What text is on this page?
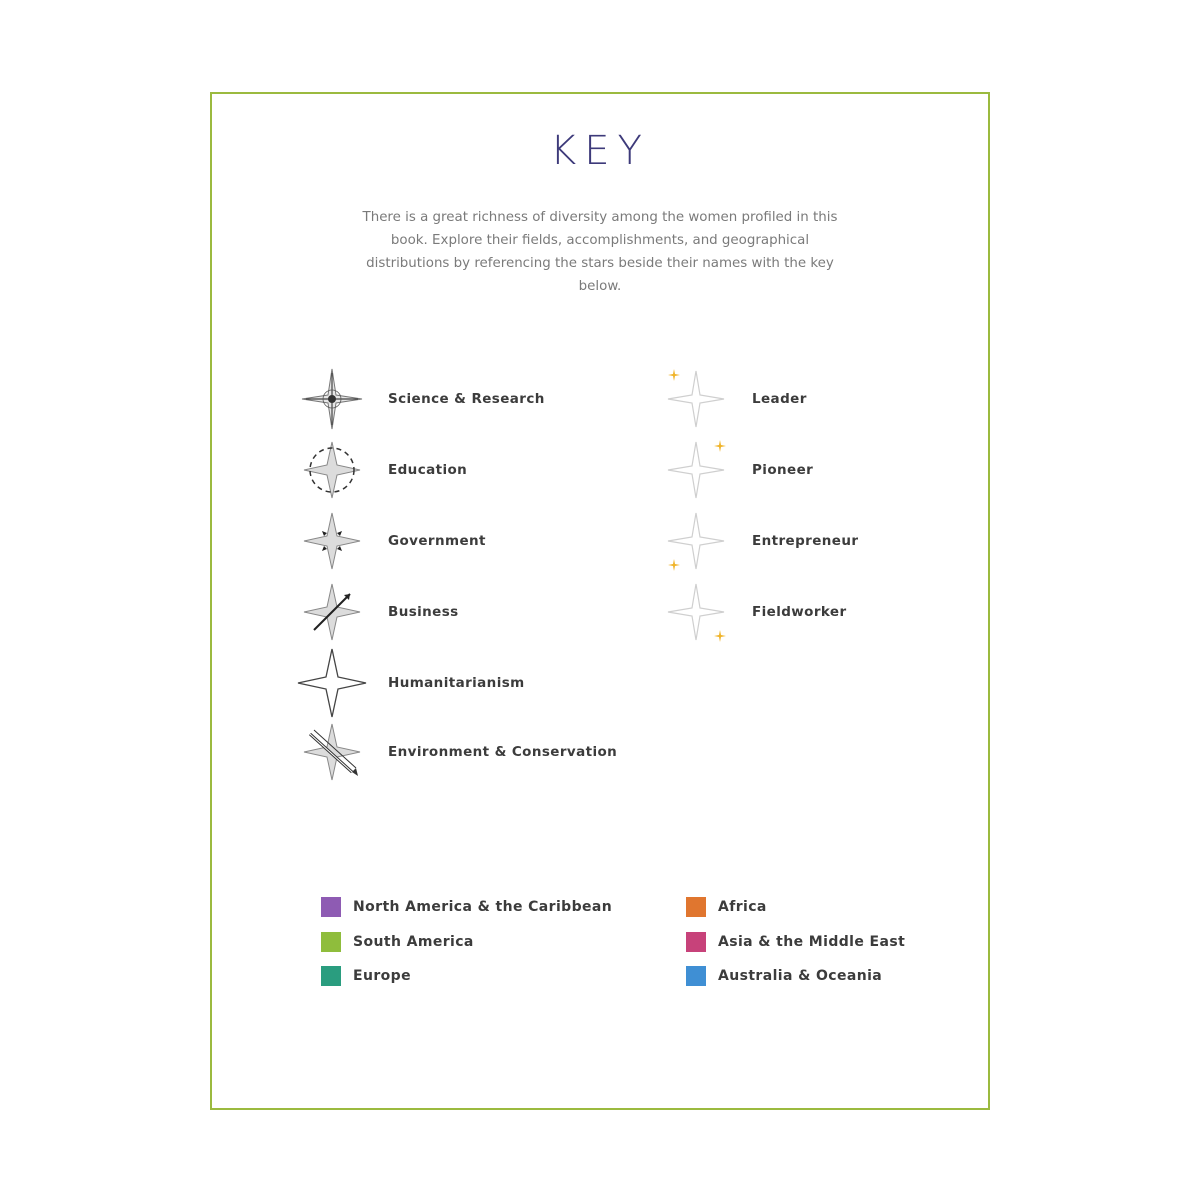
KEY
There is a great richness of diversity among the women profiled in this book. Explore their fields, accomplishments, and geographical distributions by referencing the stars beside their names with the key below.
Science & Research
Education
Government
Business
Humanitarianism
Environment & Conservation
Leader
Pioneer
Entrepreneur
Fieldworker
North America & the Caribbean
South America
Europe
Africa
Asia & the Middle East
Australia & Oceania
